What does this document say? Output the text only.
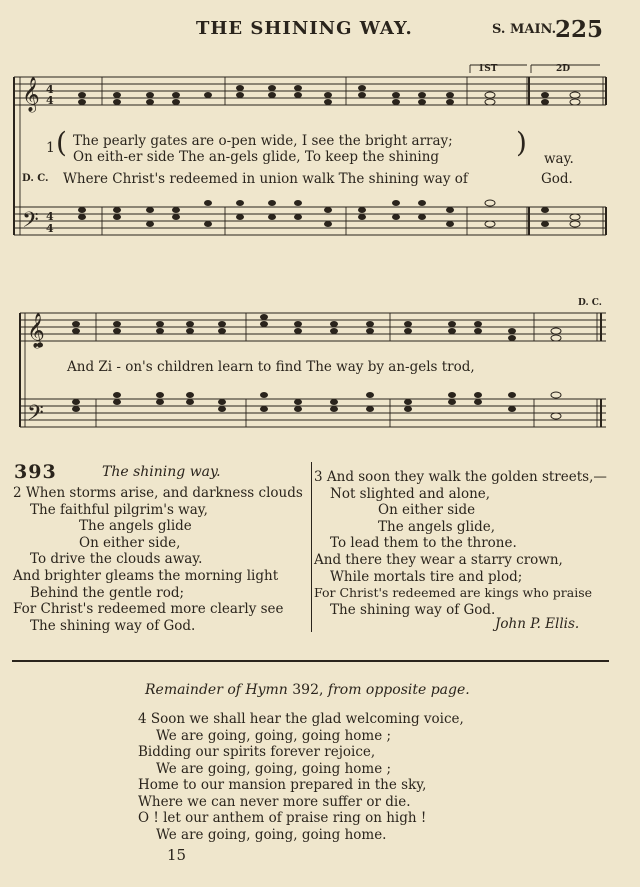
THE SHINING WAY.	S. MAIN.
225
𝄞 4
4
𝄢 4
4
1ST	2D
1 ( The pearly gates are o-pen wide, I see the bright array;
On eith-er side The an-gels glide, To keep the shining	) way.
D. C. Where Christ's redeemed in union walk The shining way of	God.
𝄞
𝄢
D. C.
And Zi - on's children learn to find The way by an-gels trod,
393	The shining way.
2 When storms arise, and darkness clouds
The faithful pilgrim's way,
The angels glide
On either side,
To drive the clouds away.
And brighter gleams the morning light
Behind the gentle rod;
For Christ's redeemed more clearly see
The shining way of God.
3 And soon they walk the golden streets,—
Not slighted and alone,
On either side
The angels glide,
To lead them to the throne.
And there they wear a starry crown,
While mortals tire and plod;
For Christ's redeemed are kings who praise
The shining way of God.
John P. Ellis.
Remainder of Hymn 392, from opposite page.
4 Soon we shall hear the glad welcoming voice,
We are going, going, going home ;
Bidding our spirits forever rejoice,
We are going, going, going home ;
Home to our mansion prepared in the sky,
Where we can never more suffer or die.
O ! let our anthem of praise ring on high !
We are going, going, going home.
15
